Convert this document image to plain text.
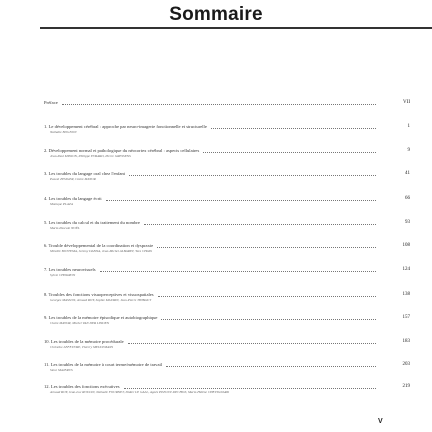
Sommaire
Préface	VII
1. Le développement cérébral : approche par neuro-imagerie fonctionnelle et structurelle
Nathalie BOGNON
1
2. Développement normal et pathologique du néocortex cérébral : aspects cellulaires
Jean-Paul MISSON, Philippe EVRARD, Pierre GRESSENS
9
3. Les troubles du langage oral chez l'enfant
Pascal ZESIGER, Claire MAYOR
41
4. Les troubles du langage écrit
Monique PLAZA
66
5. Les troubles du calcul et du traitement du nombre
Marie-Pascale NOËL
93
6. Trouble développemental de la coordination et dyspraxie
Mireille BOTTEMA, Jeremy DANNA, Jean-Michel ALBARET, Yves CHAIX
108
7. Les troubles neurovisuels
Sylvie CHOKRON
124
8. Troubles des fonctions visuoperceptives et visuospatiales
Georges MASSON, Arnaud ROY, Sophie MAURIN, Jean-Pierre THIBAUT
138
9. Les troubles de la mémoire épisodique et autobiographique
Claire MAYOR, Michel VAN DER LINDEN
157
10. Les troubles de la mémoire procédurale
Christine LEFEUVRE, Thierry MEULEMANS
183
11. Les troubles de la mémoire à court terme/mémoire de travail
Steve MAJERUS
203
12. Les troubles des fonctions exécutives
Arnaud ROY, Jean-Luc ROULIN, Nathalie FOURNET, Didier LE GALL, Agnès PEZOUT-DECHOZ, Marie-Hélène CHEVIGNARD
219
V
